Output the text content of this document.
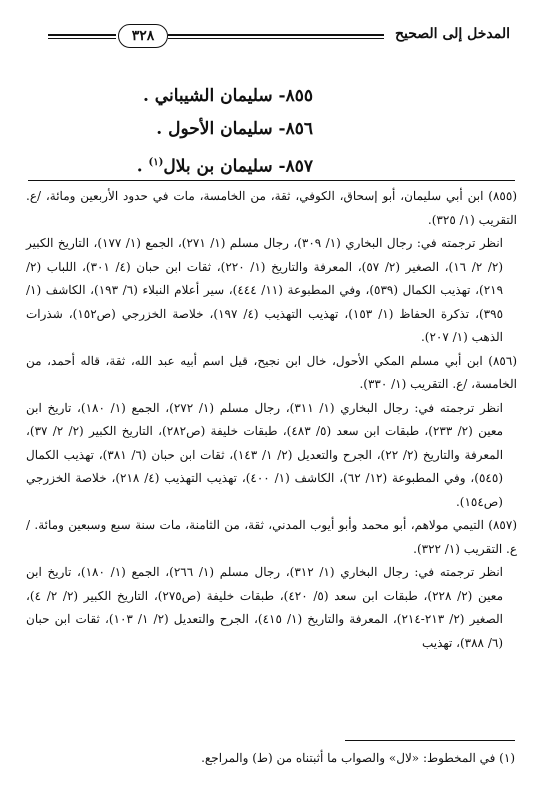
المدخل إلى الصحيح
٣٢٨
٨٥٥- سليمان الشيباني .
٨٥٦- سليمان الأحول .
٨٥٧- سليمان بن بلال$^{(١)}$ .

(٨٥٥) ابن أبي سليمان، أبو إسحاق، الكوفي، ثقة، من الخامسة، مات في حدود الأربعين ومائة، /ع. التقريب (١/ ٣٢٥).

انظر ترجمته في: رجال البخاري (١/ ٣٠٩)، رجال مسلم (١/ ٢٧١)، الجمع (١/ ١٧٧)، التاريخ الكبير (٢/ ٢/ ١٦)، الصغير (٢/ ٥٧)، المعرفة والتاريخ (١/ ٢٢٠)، ثقات ابن حبان (٤/ ٣٠١)، اللباب (٢/ ٢١٩)، تهذيب الكمال (٥٣٩)، وفي المطبوعة (١١/ ٤٤٤)، سير أعلام النبلاء (٦/ ١٩٣)، الكاشف (١/ ٣٩٥)، تذكرة الحفاظ (١/ ١٥٣)، تهذيب التهذيب (٤/ ١٩٧)، خلاصة الخزرجي (ص١٥٢)، شذرات الذهب (١/ ٢٠٧).

(٨٥٦) ابن أبي مسلم المكي الأحول، خال ابن نجيح، قيل اسم أبيه عبد الله، ثقة، قاله أحمد، من الخامسة، /ع. التقريب (١/ ٣٣٠).

انظر ترجمته في: رجال البخاري (١/ ٣١١)، رجال مسلم (١/ ٢٧٢)، الجمع (١/ ١٨٠)، تاريخ ابن معين (٢/ ٢٣٣)، طبقات ابن سعد (٥/ ٤٨٣)، طبقات خليفة (ص٢٨٢)، التاريخ الكبير (٢/ ٢/ ٣٧)، المعرفة والتاريخ (٢/ ٢٢)، الجرح والتعديل (٢/ ١/ ١٤٣)، ثقات ابن حبان (٦/ ٣٨١)، تهذيب الكمال (٥٤٥)، وفي المطبوعة (١٢/ ٦٢)، الكاشف (١/ ٤٠٠)، تهذيب التهذيب (٤/ ٢١٨)، خلاصة الخزرجي (ص١٥٤).

(٨٥٧) التيمي مولاهم، أبو محمد وأبو أيوب المدني، ثقة، من الثامنة، مات سنة سبع وسبعين ومائة. /ع. التقريب (١/ ٣٢٢).

انظر ترجمته في: رجال البخاري (١/ ٣١٢)، رجال مسلم (١/ ٢٦٦)، الجمع (١/ ١٨٠)، تاريخ ابن معين (٢/ ٢٢٨)، طبقات ابن سعد (٥/ ٤٢٠)، طبقات خليفة (ص٢٧٥)، التاريخ الكبير (٢/ ٢/ ٤)، الصغير (٢/ ٢١٣-٢١٤)، المعرفة والتاريخ (١/ ٤١٥)، الجرح والتعديل (٢/ ١/ ١٠٣)، ثقات ابن حبان (٦/ ٣٨٨)، تهذيب

(١) في المخطوط: «لال» والصواب ما أثبتناه من (ط) والمراجع.
